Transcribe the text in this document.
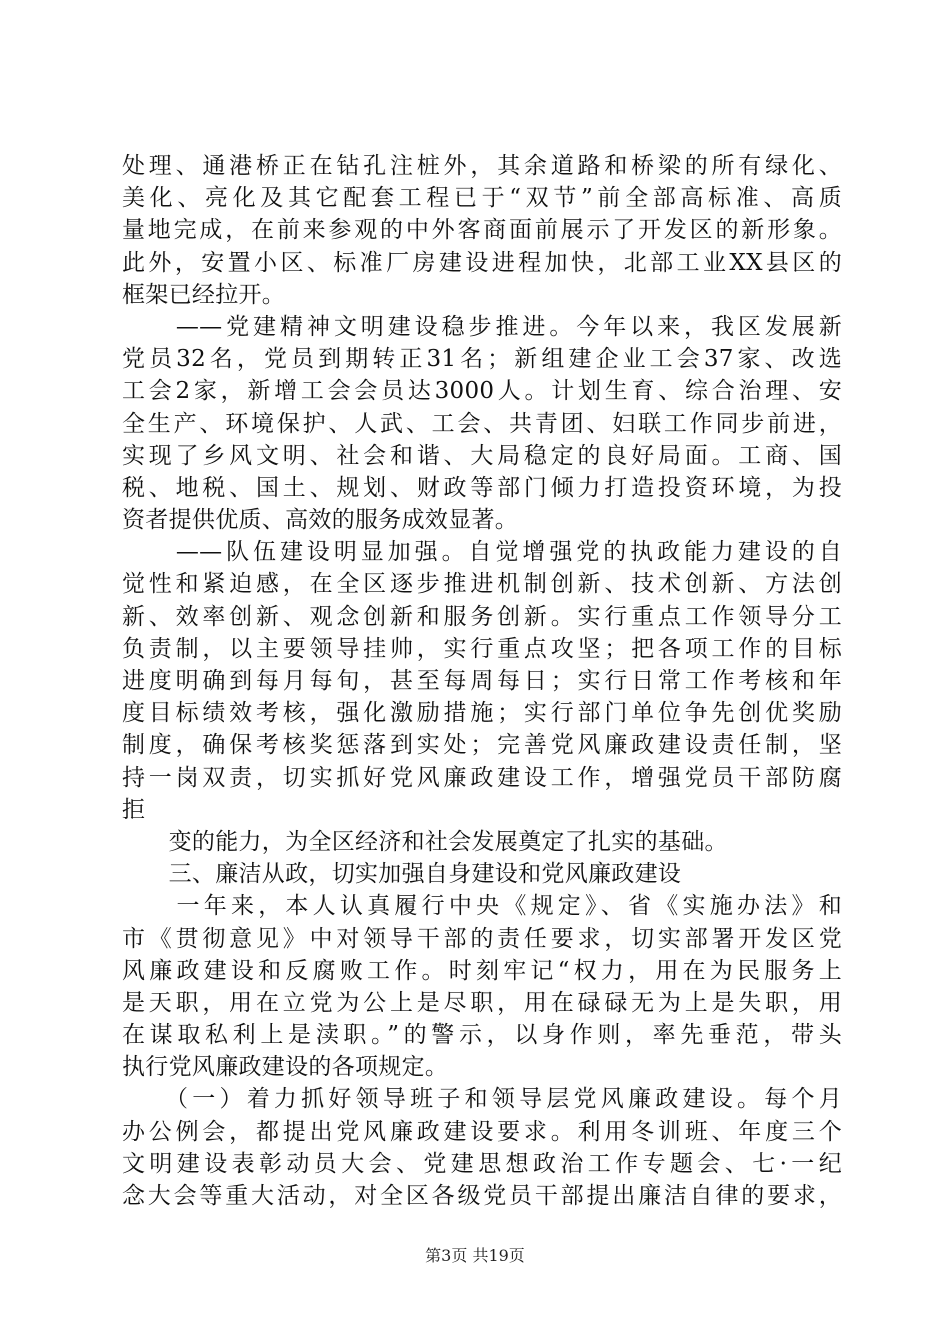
处理、通港桥正在钻孔注桩外，其余道路和桥梁的所有绿化、
美化、亮化及其它配套工程已于“双节”前全部高标准、高质
量地完成，在前来参观的中外客商面前展示了开发区的新形象。
此外，安置小区、标准厂房建设进程加快，北部工业XX县区的
框架已经拉开。
　　——党建精神文明建设稳步推进。今年以来，我区发展新
党员32名，党员到期转正31名；新组建企业工会37家、改选
工会2家，新增工会会员达3000人。计划生育、综合治理、安
全生产、环境保护、人武、工会、共青团、妇联工作同步前进，
实现了乡风文明、社会和谐、大局稳定的良好局面。工商、国
税、地税、国土、规划、财政等部门倾力打造投资环境，为投
资者提供优质、高效的服务成效显著。
　　——队伍建设明显加强。自觉增强党的执政能力建设的自
觉性和紧迫感，在全区逐步推进机制创新、技术创新、方法创
新、效率创新、观念创新和服务创新。实行重点工作领导分工
负责制，以主要领导挂帅，实行重点攻坚；把各项工作的目标
进度明确到每月每旬，甚至每周每日；实行日常工作考核和年
度目标绩效考核，强化激励措施；实行部门单位争先创优奖励
制度，确保考核奖惩落到实处；完善党风廉政建设责任制，坚
持一岗双责，切实抓好党风廉政建设工作，增强党员干部防腐
拒
　　变的能力，为全区经济和社会发展奠定了扎实的基础。
　　三、廉洁从政，切实加强自身建设和党风廉政建设
　　一年来，本人认真履行中央《规定》、省《实施办法》和
市《贯彻意见》中对领导干部的责任要求，切实部署开发区党
风廉政建设和反腐败工作。时刻牢记“权力，用在为民服务上
是天职，用在立党为公上是尽职，用在碌碌无为上是失职，用
在谋取私利上是渎职。”的警示，以身作则，率先垂范，带头
执行党风廉政建设的各项规定。
　　（一）着力抓好领导班子和领导层党风廉政建设。每个月
办公例会，都提出党风廉政建设要求。利用冬训班、年度三个
文明建设表彰动员大会、党建思想政治工作专题会、七·一纪
念大会等重大活动，对全区各级党员干部提出廉洁自律的要求，
第3页 共19页
